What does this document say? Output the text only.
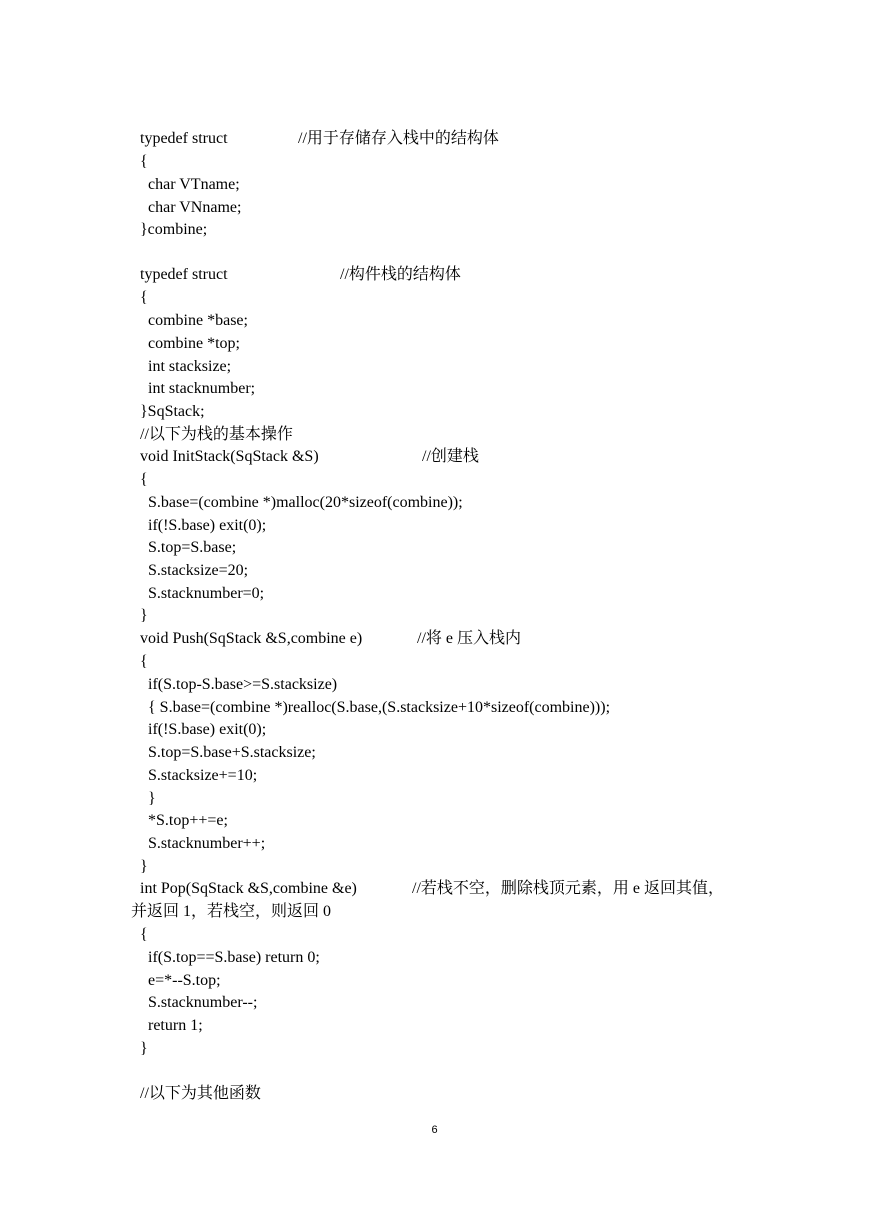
typedef struct	//用于存储存入栈中的结构体
{
char VTname;
char VNname;
}combine;
typedef struct	//构件栈的结构体
{
combine *base;
combine *top;
int stacksize;
int stacknumber;
}SqStack;
//以下为栈的基本操作
void InitStack(SqStack &S)	//创建栈
{
S.base=(combine *)malloc(20*sizeof(combine));
if(!S.base) exit(0);
S.top=S.base;
S.stacksize=20;
S.stacknumber=0;
}
void Push(SqStack &S,combine e)	//将 e 压入栈内
{
if(S.top-S.base>=S.stacksize)
{ S.base=(combine *)realloc(S.base,(S.stacksize+10*sizeof(combine)));
if(!S.base) exit(0);
S.top=S.base+S.stacksize;
S.stacksize+=10;
}
*S.top++=e;
S.stacknumber++;
}
int Pop(SqStack &S,combine &e)	//若栈不空，删除栈顶元素，用 e 返回其值，
并返回 1，若栈空，则返回 0
{
if(S.top==S.base) return 0;
e=*--S.top;
S.stacknumber--;
return 1;
}
//以下为其他函数
6
